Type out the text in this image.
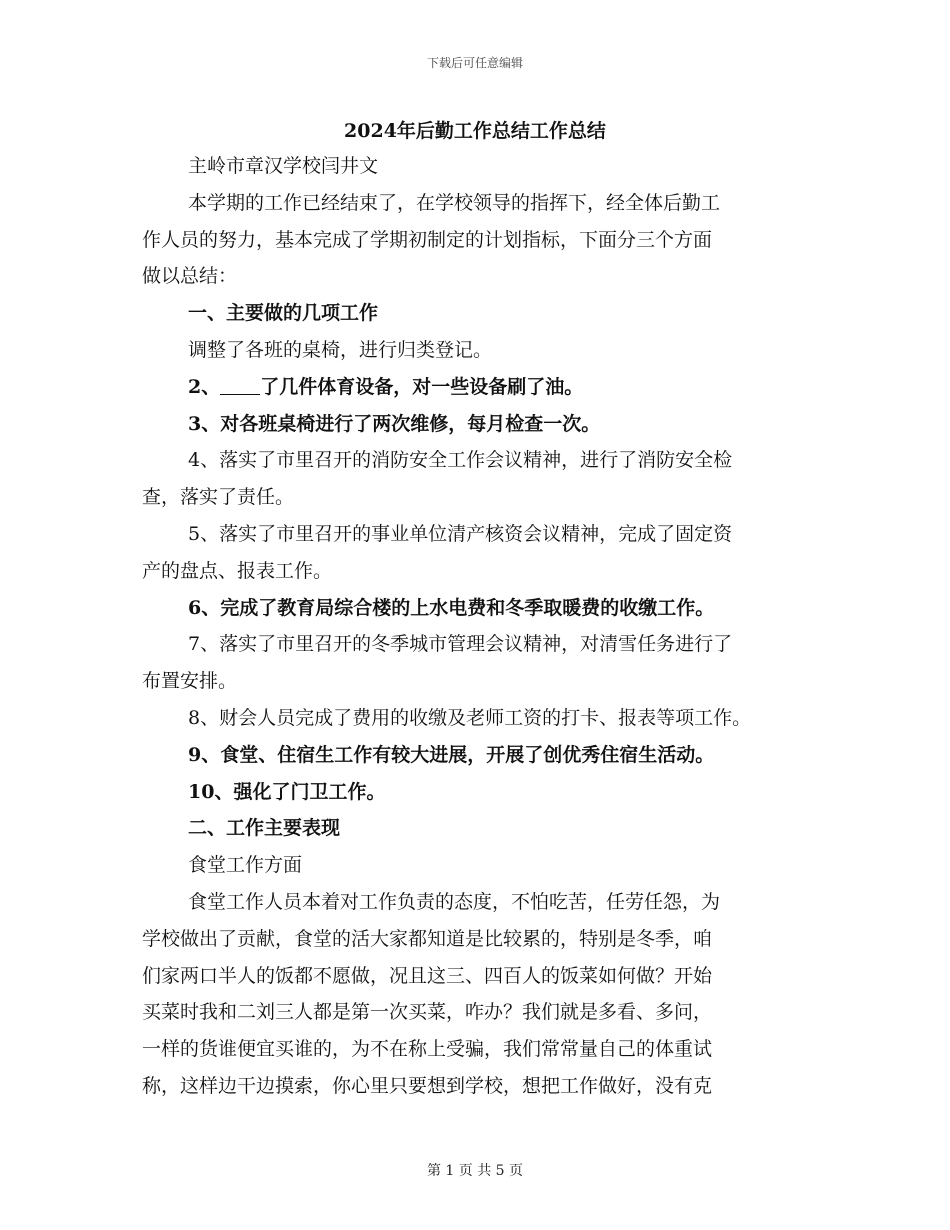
下载后可任意编辑
2024年后勤工作总结工作总结

主岭市章汉学校闫井文

本学期的工作已经结束了，在学校领导的指挥下，经全体后勤工

作人员的努力，基本完成了学期初制定的计划指标，下面分三个方面

做以总结：

一、主要做的几项工作

调整了各班的桌椅，进行归类登记。

2、 了几件体育设备，对一些设备刷了油。

3、对各班桌椅进行了两次维修，每月检查一次。

4、落实了市里召开的消防安全工作会议精神，进行了消防安全检

查，落实了责任。

5、落实了市里召开的事业单位清产核资会议精神，完成了固定资

产的盘点、报表工作。

6、完成了教育局综合楼的上水电费和冬季取暖费的收缴工作。

7、落实了市里召开的冬季城市管理会议精神，对清雪任务进行了

布置安排。

8、财会人员完成了费用的收缴及老师工资的打卡、报表等项工作。

9、食堂、住宿生工作有较大进展，开展了创优秀住宿生活动。

10、强化了门卫工作。

二、工作主要表现

食堂工作方面

食堂工作人员本着对工作负责的态度，不怕吃苦，任劳任怨，为

学校做出了贡献，食堂的活大家都知道是比较累的，特别是冬季，咱

们家两口半人的饭都不愿做，况且这三、四百人的饭菜如何做？开始

买菜时我和二刘三人都是第一次买菜，咋办？我们就是多看、多问，

一样的货谁便宜买谁的，为不在称上受骗，我们常常量自己的体重试

称，这样边干边摸索，你心里只要想到学校，想把工作做好，没有克

第 1 页 共 5 页
